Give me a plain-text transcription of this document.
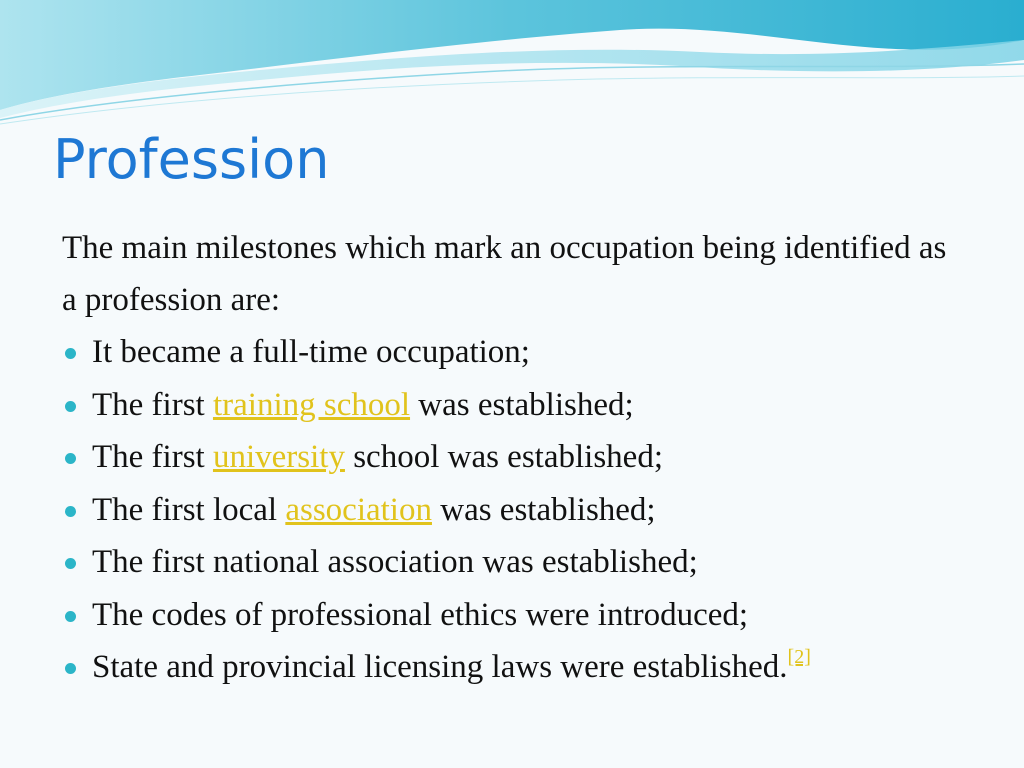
Profession
The main milestones which mark an occupation being identified as a profession are:
It became a full-time occupation;
The first training school was established;
The first university school was established;
The first local association was established;
The first national association was established;
The codes of professional ethics were introduced;
State and provincial licensing laws were established.[2]
